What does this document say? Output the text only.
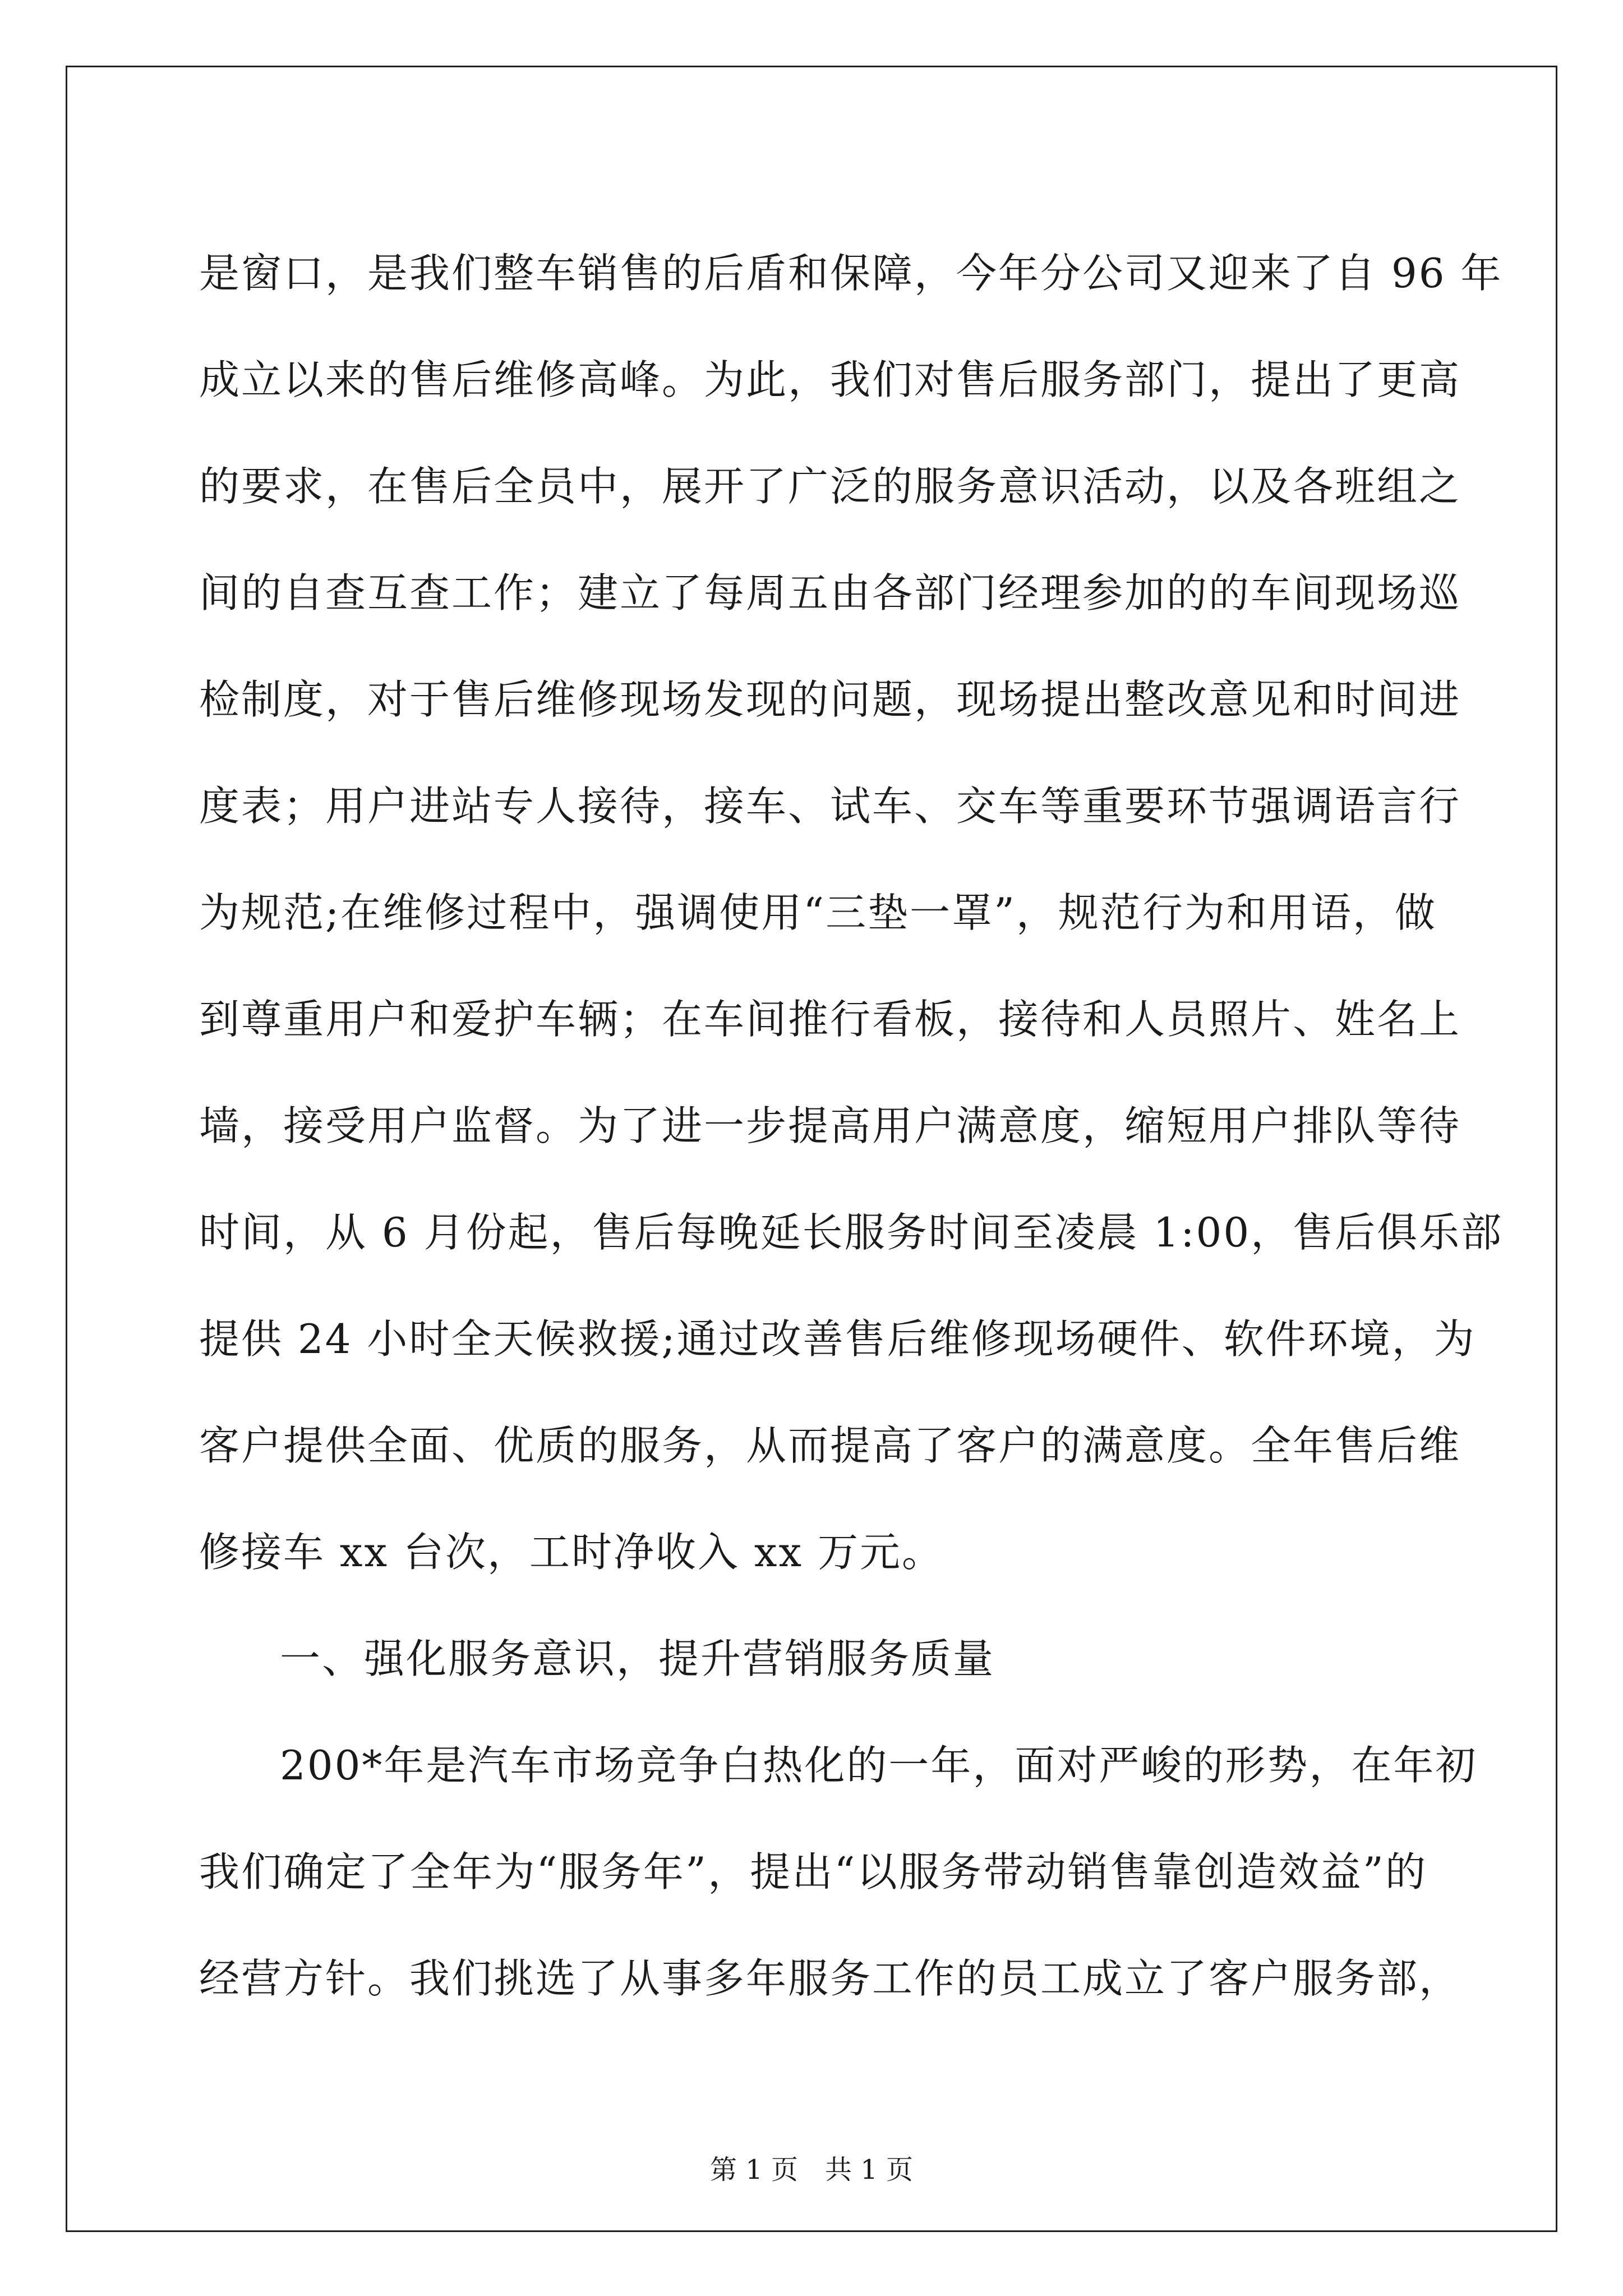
是窗口，是我们整车销售的后盾和保障，今年分公司又迎来了自 96 年
成立以来的售后维修高峰。为此，我们对售后服务部门，提出了更高
的要求，在售后全员中，展开了广泛的服务意识活动，以及各班组之
间的自查互查工作；建立了每周五由各部门经理参加的的车间现场巡
检制度，对于售后维修现场发现的问题，现场提出整改意见和时间进
度表；用户进站专人接待，接车、试车、交车等重要环节强调语言行
为规范;在维修过程中，强调使用“三垫一罩”，规范行为和用语，做
到尊重用户和爱护车辆；在车间推行看板，接待和人员照片、姓名上
墙，接受用户监督。为了进一步提高用户满意度，缩短用户排队等待
时间，从 6 月份起，售后每晚延长服务时间至凌晨 1:00，售后俱乐部
提供 24 小时全天候救援;通过改善售后维修现场硬件、软件环境，为
客户提供全面、优质的服务，从而提高了客户的满意度。全年售后维
修接车 xx 台次，工时净收入 xx 万元。
一、强化服务意识，提升营销服务质量
200*年是汽车市场竞争白热化的一年，面对严峻的形势，在年初
我们确定了全年为“服务年”，提出“以服务带动销售靠创造效益”的
经营方针。我们挑选了从事多年服务工作的员工成立了客户服务部，
第 1 页　共 1 页
